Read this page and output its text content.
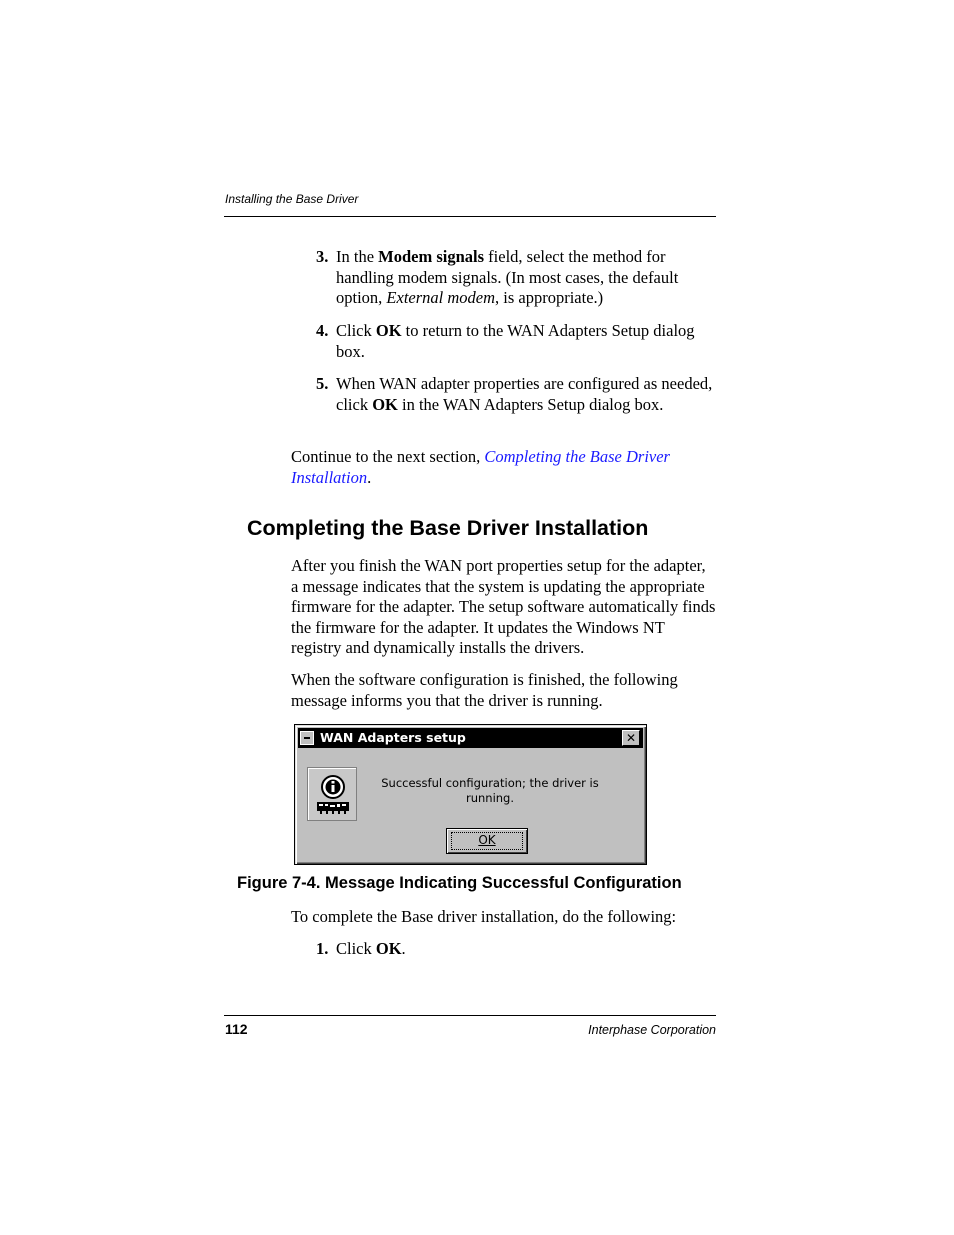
Installing the Base Driver
3. In the Modem signals field, select the method for handling modem signals. (In most cases, the default option, External modem, is appropriate.)
4. Click OK to return to the WAN Adapters Setup dialog box.
5. When WAN adapter properties are configured as needed, click OK in the WAN Adapters Setup dialog box.
Continue to the next section, Completing the Base Driver Installation.
Completing the Base Driver Installation
After you finish the WAN port properties setup for the adapter, a message indicates that the system is updating the appropriate firmware for the adapter. The setup software automatically finds the firmware for the adapter. It updates the Windows NT registry and dynamically installs the drivers.
When the software configuration is finished, the following message informs you that the driver is running.
WAN Adapters setup	✕
Successful configuration; the driver is running.
OK
Figure 7-4. Message Indicating Successful Configuration
To complete the Base driver installation, do the following:
1. Click OK.
112	Interphase Corporation
